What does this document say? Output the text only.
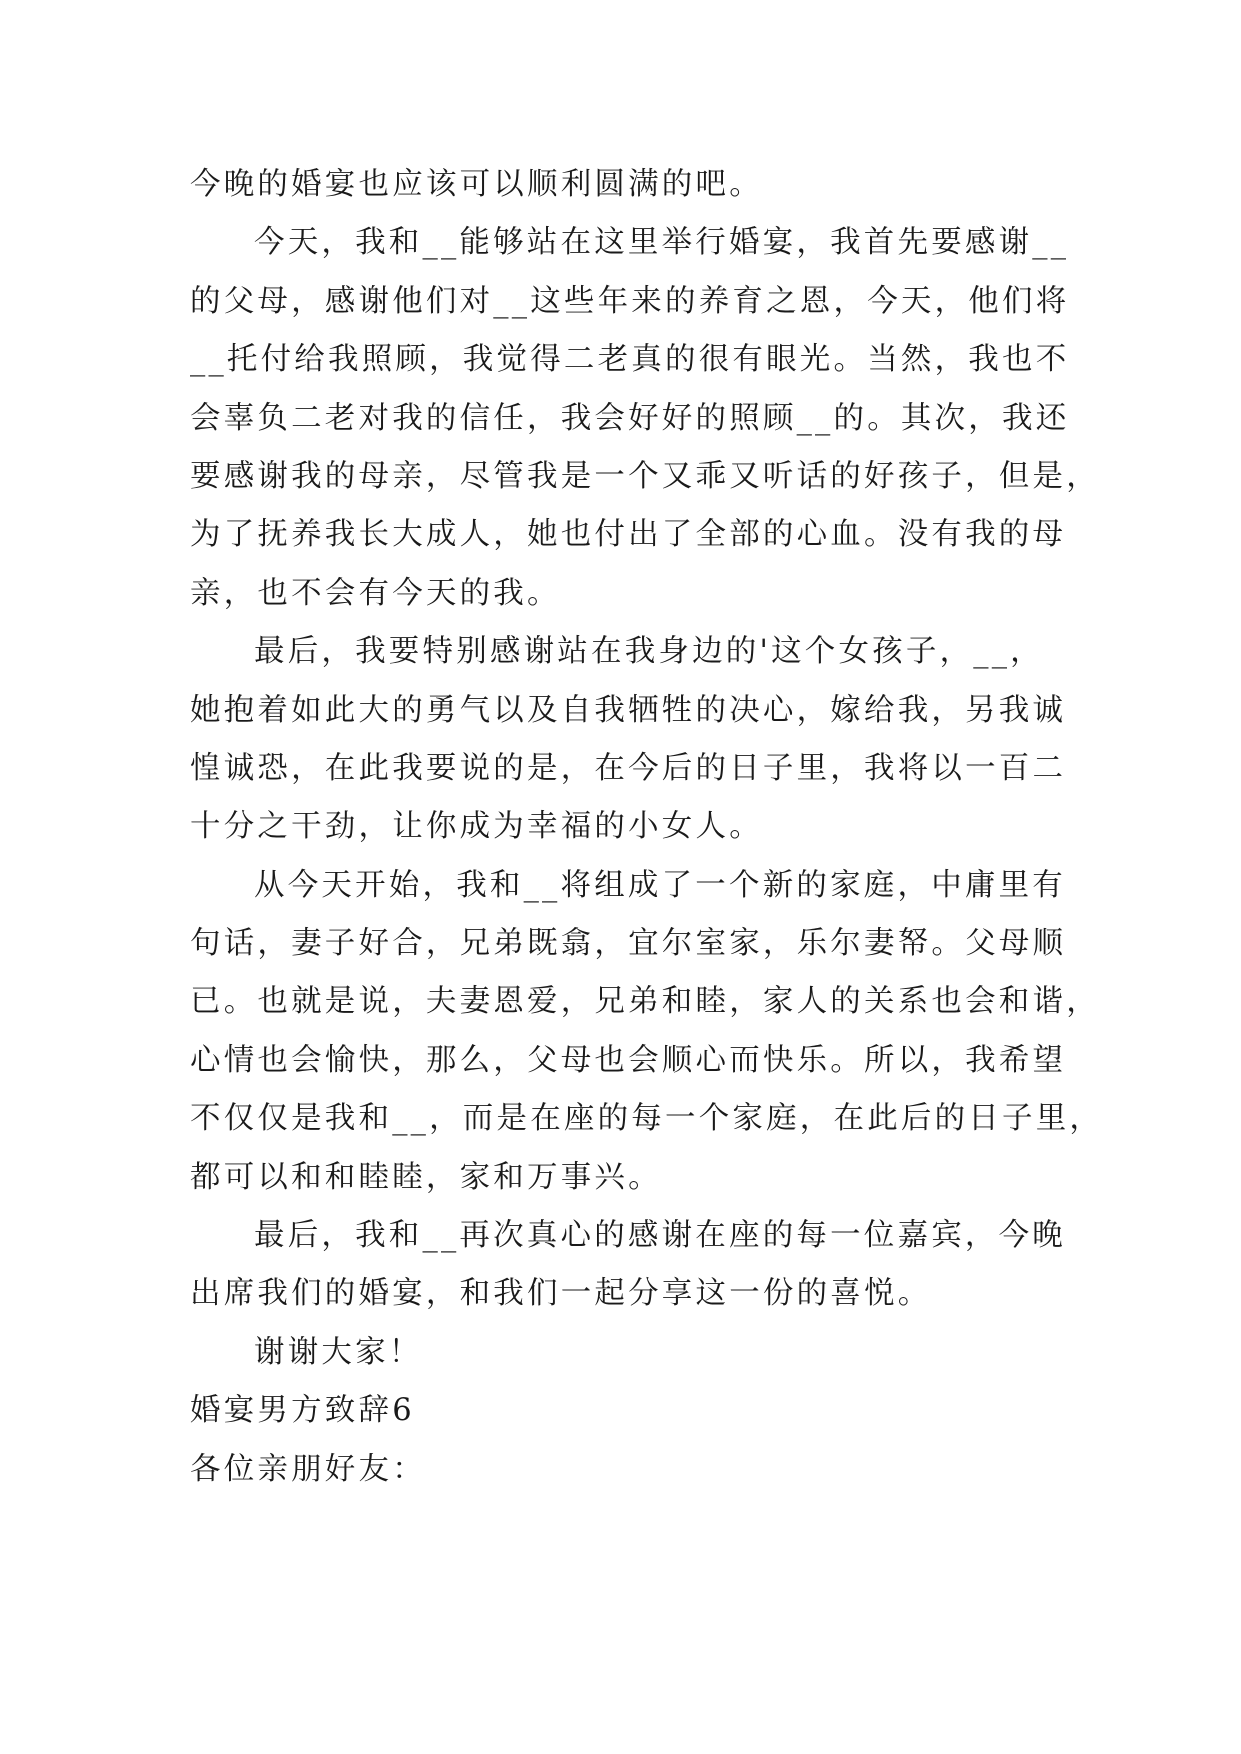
今晚的婚宴也应该可以顺利圆满的吧。
今天，我和__能够站在这里举行婚宴，我首先要感谢__
的父母，感谢他们对__这些年来的养育之恩，今天，他们将
__托付给我照顾，我觉得二老真的很有眼光。当然，我也不
会辜负二老对我的信任，我会好好的照顾__的。其次，我还
要感谢我的母亲，尽管我是一个又乖又听话的好孩子，但是，
为了抚养我长大成人，她也付出了全部的心血。没有我的母
亲，也不会有今天的我。
最后，我要特别感谢站在我身边的'这个女孩子，__，
她抱着如此大的勇气以及自我牺牲的决心，嫁给我，另我诚
惶诚恐，在此我要说的是，在今后的日子里，我将以一百二
十分之干劲，让你成为幸福的小女人。
从今天开始，我和__将组成了一个新的家庭，中庸里有
句话，妻子好合，兄弟既翕，宜尔室家，乐尔妻帑。父母顺
已。也就是说，夫妻恩爱，兄弟和睦，家人的关系也会和谐，
心情也会愉快，那么，父母也会顺心而快乐。所以，我希望
不仅仅是我和__，而是在座的每一个家庭，在此后的日子里，
都可以和和睦睦，家和万事兴。
最后，我和__再次真心的感谢在座的每一位嘉宾，今晚
出席我们的婚宴，和我们一起分享这一份的喜悦。
谢谢大家！
婚宴男方致辞6
各位亲朋好友：
